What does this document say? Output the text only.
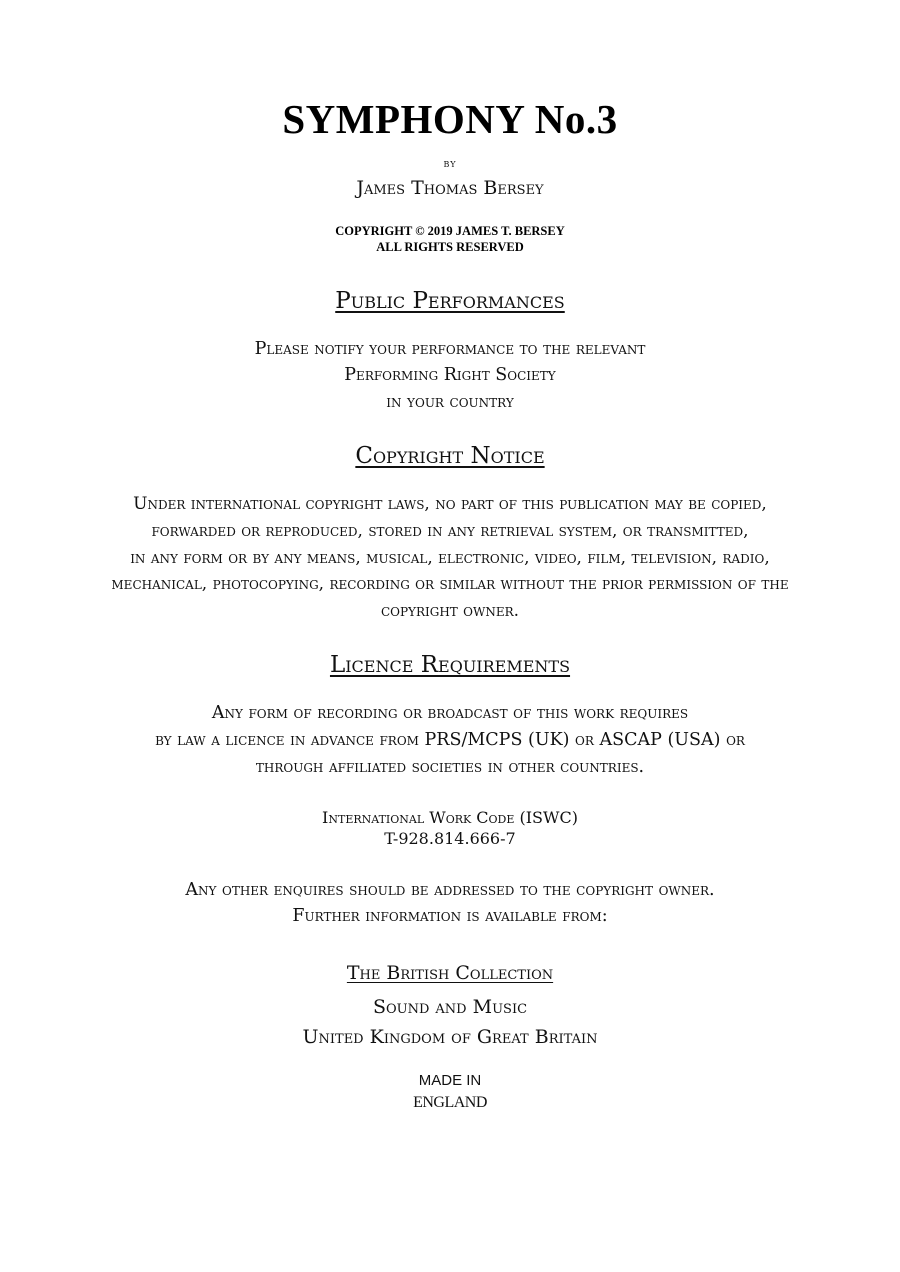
SYMPHONY No.3
by
James Thomas Bersey
COPYRIGHT © 2019 JAMES T. BERSEY
ALL RIGHTS RESERVED
Public Performances
Please notify your performance to the relevant
Performing Right Society
in your country
Copyright Notice
Under international copyright laws, no part of this publication may be copied,
forwarded or reproduced, stored in any retrieval system, or transmitted,
in any form or by any means, musical, electronic, video, film, television, radio,
mechanical, photocopying, recording or similar without the prior permission of the
copyright owner.
Licence Requirements
Any form of recording or broadcast of this work requires
by law a licence in advance from PRS/MCPS (UK) or ASCAP (USA) or
through affiliated societies in other countries.
International Work Code (ISWC)
T-928.814.666-7
Any other enquires should be addressed to the copyright owner.
Further information is available from:
The British Collection
Sound and Music
United Kingdom of Great Britain
MADE IN
ENGLAND
